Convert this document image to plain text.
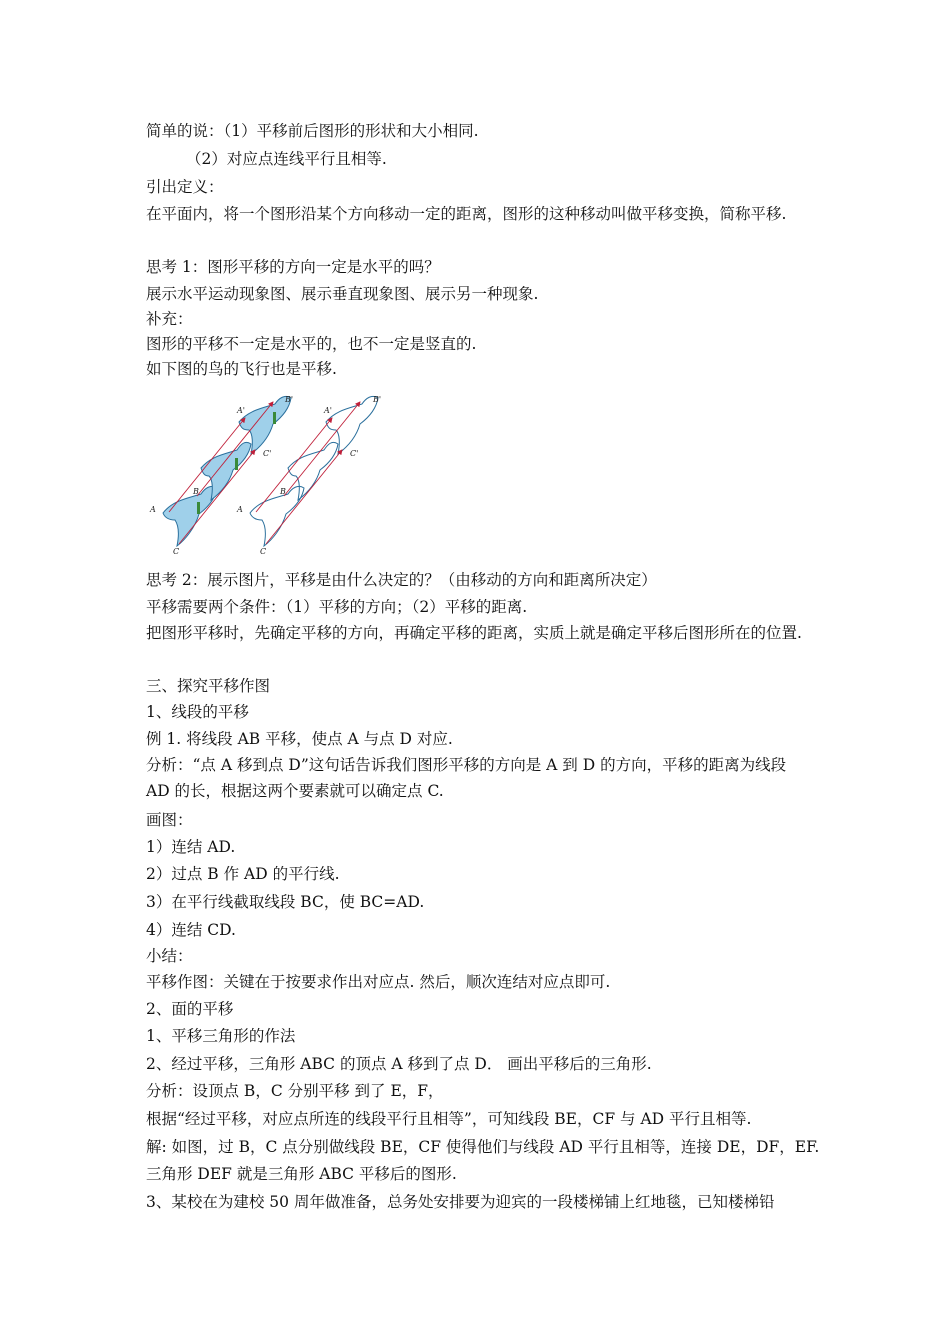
简单的说：（1）平移前后图形的形状和大小相同.
（2）对应点连线平行且相等.
引出定义：
在平面内，将一个图形沿某个方向移动一定的距离，图形的这种移动叫做平移变换，简称平移.
思考 1：图形平移的方向一定是水平的吗？
展示水平运动现象图、展示垂直现象图、展示另一种现象.
补充：
图形的平移不一定是水平的，也不一定是竖直的.
如下图的鸟的飞行也是平移.
A
B
C
A'
B'
C'
A
B
C
A'
B'
C'
思考 2：展示图片，平移是由什么决定的？（由移动的方向和距离所决定）
平移需要两个条件：（1）平移的方向；（2）平移的距离.
把图形平移时，先确定平移的方向，再确定平移的距离，实质上就是确定平移后图形所在的位置.
三、探究平移作图
1、线段的平移
例 1. 将线段 AB 平移，使点 A 与点 D 对应.
分析：“点 A 移到点 D”这句话告诉我们图形平移的方向是 A 到 D 的方向，平移的距离为线段 AD 的长，根据这两个要素就可以确定点 C.
画图：
1）连结 AD.
2）过点 B 作 AD 的平行线.
3）在平行线截取线段 BC，使 BC=AD.
4）连结 CD.
小结：
平移作图：关键在于按要求作出对应点. 然后，顺次连结对应点即可.
2、面的平移
1、平移三角形的作法
2、经过平移，三角形 ABC 的顶点 A 移到了点 D． 画出平移后的三角形.
分析：设顶点 B，C 分别平移 到了 E，F，
根据“经过平移，对应点所连的线段平行且相等”，可知线段 BE，CF 与 AD 平行且相等.
解: 如图，过 B，C 点分别做线段 BE，CF 使得他们与线段 AD 平行且相等，连接 DE，DF，EF.
三角形 DEF 就是三角形 ABC 平移后的图形.
3、某校在为建校 50 周年做准备，总务处安排要为迎宾的一段楼梯铺上红地毯，已知楼梯铅
